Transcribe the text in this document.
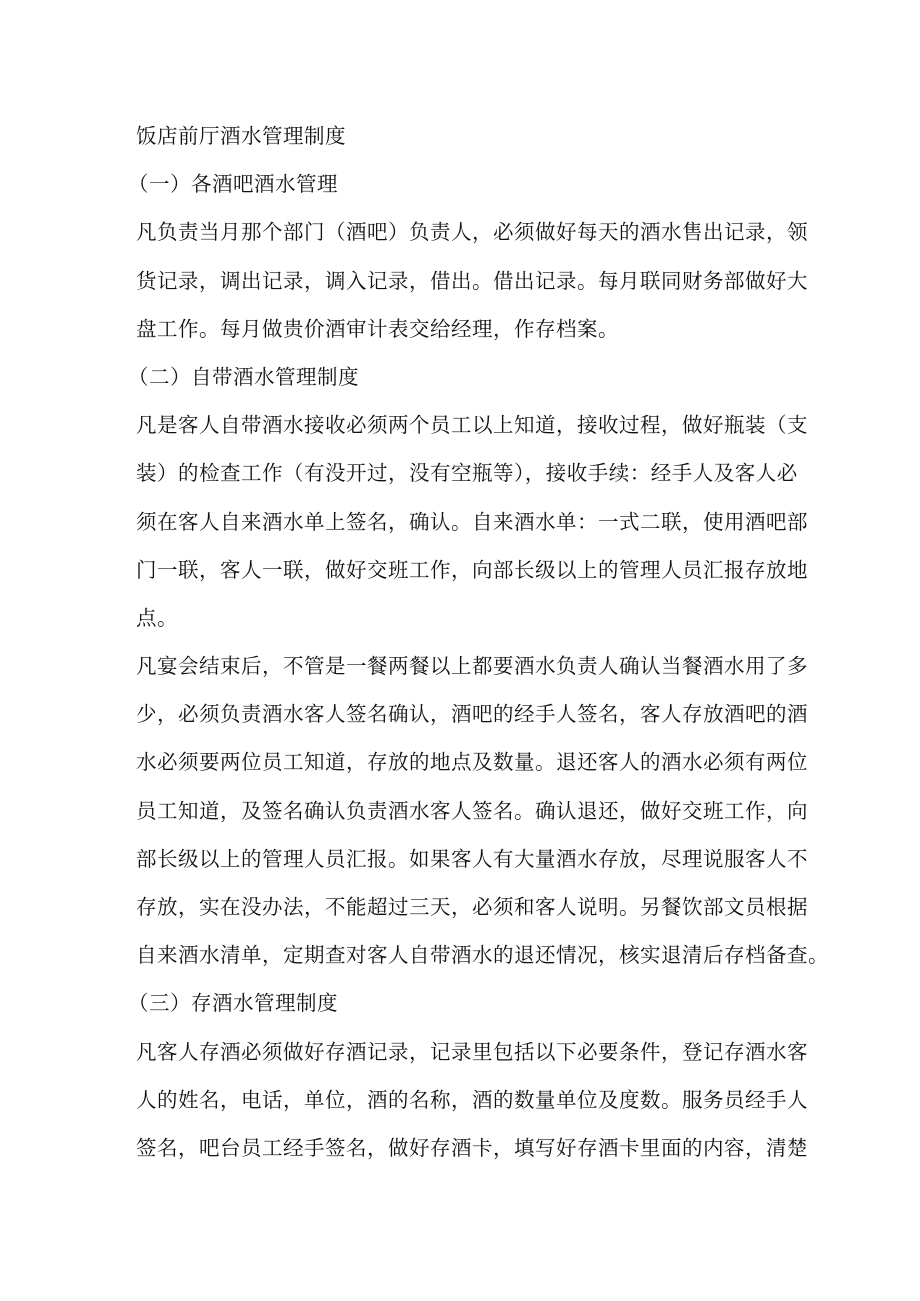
饭店前厅酒水管理制度
（一）各酒吧酒水管理
凡负责当月那个部门（酒吧）负责人，必须做好每天的酒水售出记录，领
货记录，调出记录，调入记录，借出。借出记录。每月联同财务部做好大
盘工作。每月做贵价酒审计表交给经理，作存档案。
（二）自带酒水管理制度
凡是客人自带酒水接收必须两个员工以上知道，接收过程，做好瓶装（支
装）的检查工作（有没开过，没有空瓶等），接收手续：经手人及客人必
须在客人自来酒水单上签名，确认。自来酒水单：一式二联，使用酒吧部
门一联，客人一联，做好交班工作，向部长级以上的管理人员汇报存放地
点。
凡宴会结束后，不管是一餐两餐以上都要酒水负责人确认当餐酒水用了多
少，必须负责酒水客人签名确认，酒吧的经手人签名，客人存放酒吧的酒
水必须要两位员工知道，存放的地点及数量。退还客人的酒水必须有两位
员工知道，及签名确认负责酒水客人签名。确认退还，做好交班工作，向
部长级以上的管理人员汇报。如果客人有大量酒水存放，尽理说服客人不
存放，实在没办法，不能超过三天，必须和客人说明。另餐饮部文员根据
自来酒水清单，定期查对客人自带酒水的退还情况，核实退清后存档备查。
（三）存酒水管理制度
凡客人存酒必须做好存酒记录，记录里包括以下必要条件，登记存酒水客
人的姓名，电话，单位，酒的名称，酒的数量单位及度数。服务员经手人
签名，吧台员工经手签名，做好存酒卡，填写好存酒卡里面的内容，清楚
